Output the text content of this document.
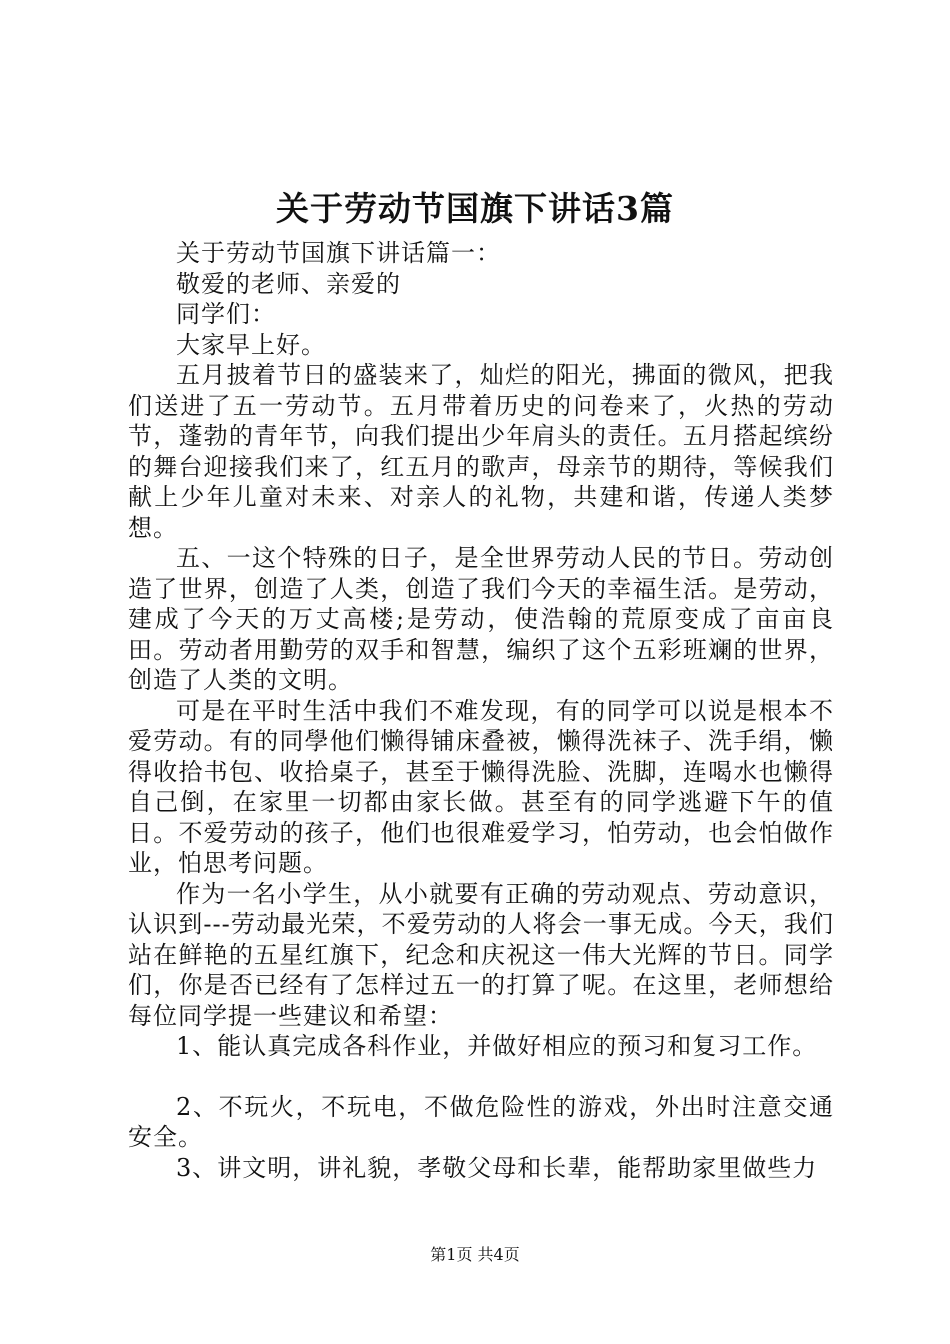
关于劳动节国旗下讲话3篇

关于劳动节国旗下讲话篇一：

敬爱的老师、亲爱的

同学们：

大家早上好。

五月披着节日的盛装来了，灿烂的阳光，拂面的微风，把我们送进了五一劳动节。五月带着历史的问卷来了，火热的劳动节，蓬勃的青年节，向我们提出少年肩头的责任。五月搭起缤纷的舞台迎接我们来了，红五月的歌声，母亲节的期待，等候我们献上少年儿童对未来、对亲人的礼物，共建和谐，传递人类梦想。

五、一这个特殊的日子，是全世界劳动人民的节日。劳动创造了世界，创造了人类，创造了我们今天的幸福生活。是劳动，建成了今天的万丈高楼;是劳动，使浩翰的荒原变成了亩亩良田。劳动者用勤劳的双手和智慧，编织了这个五彩班斓的世界，创造了人类的文明。

可是在平时生活中我们不难发现，有的同学可以说是根本不爱劳动。有的同學他们懒得铺床叠被，懒得洗袜子、洗手绢，懒得收拾书包、收拾桌子，甚至于懒得洗脸、洗脚，连喝水也懒得自己倒，在家里一切都由家长做。甚至有的同学逃避下午的值日。不爱劳动的孩子，他们也很难爱学习，怕劳动，也会怕做作业，怕思考问题。

作为一名小学生，从小就要有正确的劳动观点、劳动意识，认识到---劳动最光荣，不爱劳动的人将会一事无成。今天，我们站在鲜艳的五星红旗下，纪念和庆祝这一伟大光辉的节日。同学们，你是否已经有了怎样过五一的打算了呢。在这里，老师想给每位同学提一些建议和希望：

1、能认真完成各科作业，并做好相应的预习和复习工作。

2、不玩火，不玩电，不做危险性的游戏，外出时注意交通安全。

3、讲文明，讲礼貌，孝敬父母和长辈，能帮助家里做些力

第1页 共4页
